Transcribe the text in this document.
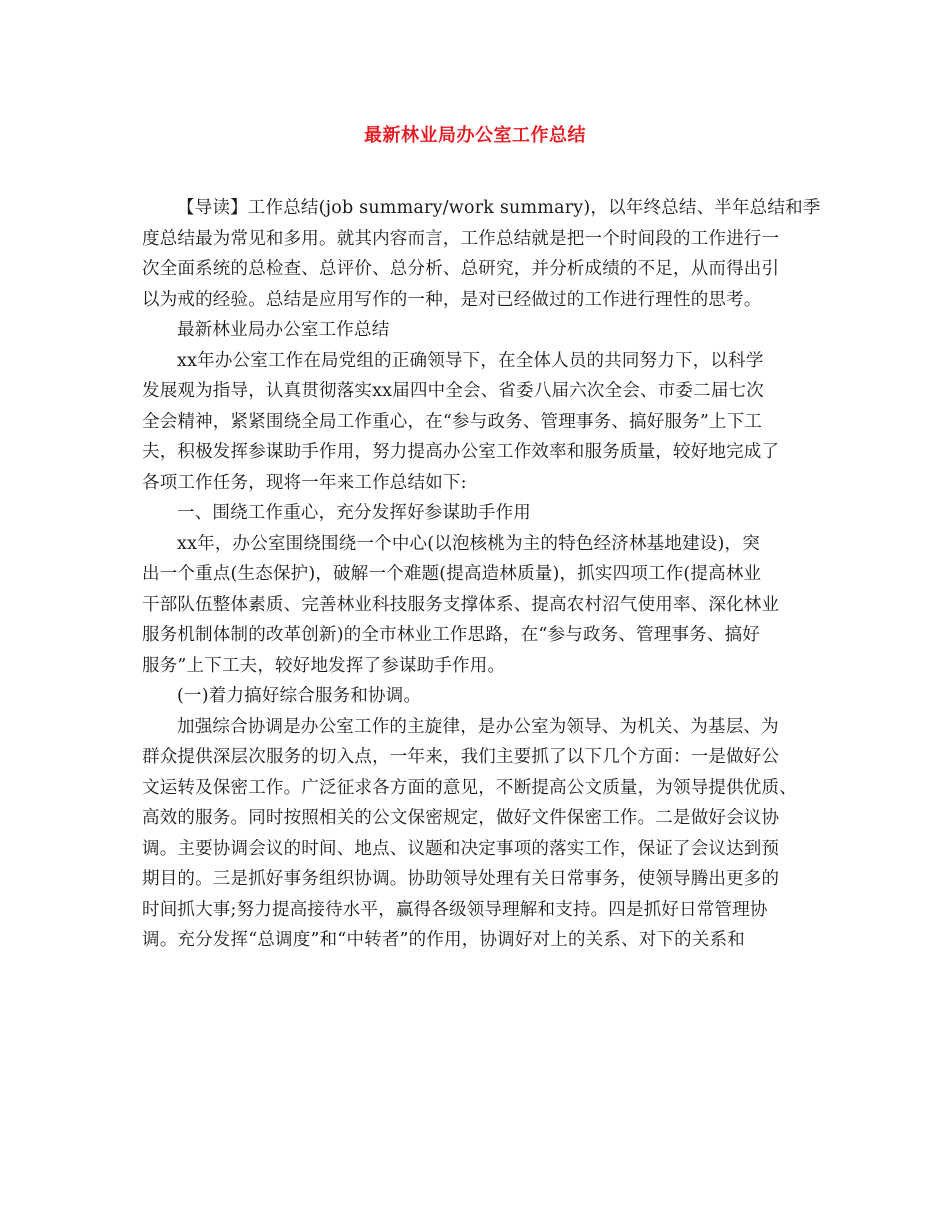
最新林业局办公室工作总结
【导读】工作总结(job summary/work summary)，以年终总结、半年总结和季
度总结最为常见和多用。就其内容而言，工作总结就是把一个时间段的工作进行一
次全面系统的总检查、总评价、总分析、总研究，并分析成绩的不足，从而得出引
以为戒的经验。总结是应用写作的一种，是对已经做过的工作进行理性的思考。
最新林业局办公室工作总结
xx年办公室工作在局党组的正确领导下，在全体人员的共同努力下，以科学
发展观为指导，认真贯彻落实xx届四中全会、省委八届六次全会、市委二届七次
全会精神，紧紧围绕全局工作重心，在“参与政务、管理事务、搞好服务”上下工
夫，积极发挥参谋助手作用，努力提高办公室工作效率和服务质量，较好地完成了
各项工作任务，现将一年来工作总结如下:
一、围绕工作重心，充分发挥好参谋助手作用
xx年，办公室围绕围绕一个中心(以泡核桃为主的特色经济林基地建设)，突
出一个重点(生态保护)，破解一个难题(提高造林质量)，抓实四项工作(提高林业
干部队伍整体素质、完善林业科技服务支撑体系、提高农村沼气使用率、深化林业
服务机制体制的改革创新)的全市林业工作思路，在“参与政务、管理事务、搞好
服务”上下工夫，较好地发挥了参谋助手作用。
(一)着力搞好综合服务和协调。
加强综合协调是办公室工作的主旋律，是办公室为领导、为机关、为基层、为
群众提供深层次服务的切入点，一年来，我们主要抓了以下几个方面：一是做好公
文运转及保密工作。广泛征求各方面的意见，不断提高公文质量，为领导提供优质、
高效的服务。同时按照相关的公文保密规定，做好文件保密工作。二是做好会议协
调。主要协调会议的时间、地点、议题和决定事项的落实工作，保证了会议达到预
期目的。三是抓好事务组织协调。协助领导处理有关日常事务，使领导腾出更多的
时间抓大事;努力提高接待水平，赢得各级领导理解和支持。四是抓好日常管理协
调。充分发挥“总调度”和“中转者”的作用，协调好对上的关系、对下的关系和
